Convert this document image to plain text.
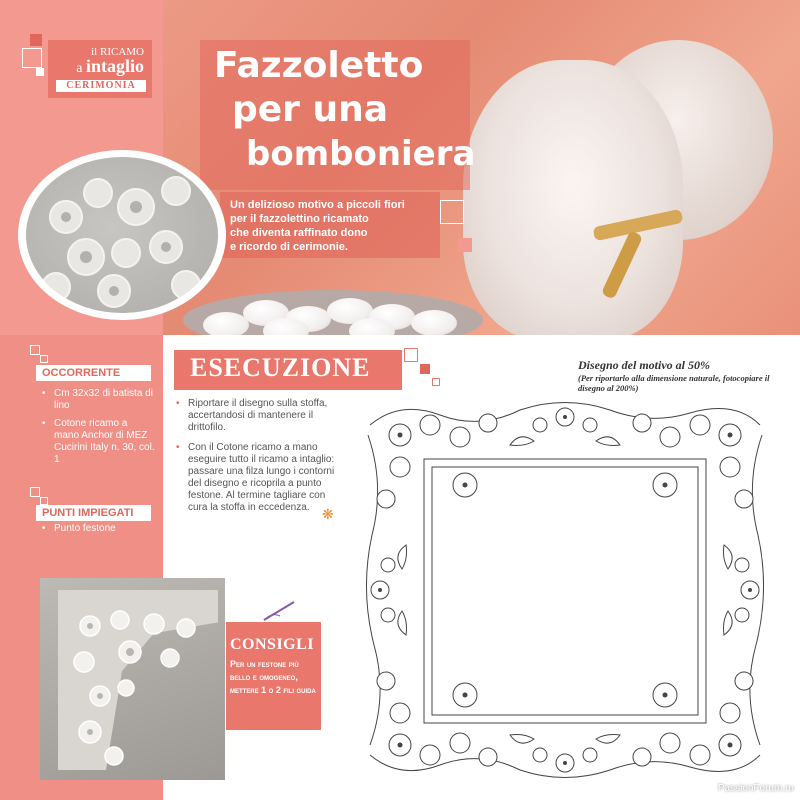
il RICAMO
a intaglio
CERIMONIA Fazzoletto
per una
bomboniera
Un delizioso motivo a piccoli fiori
per il fazzolettino ricamato
che diventa raffinato dono
e ricordo di cerimonie.
OCCORRENTE
• Cm 32x32 di batista di lino
• Cotone ricamo a mano Anchor di MEZ Cucirini Italy n. 30, col. 1
PUNTI IMPIEGATI
• Punto festone
CONSIGLI
Per un festone più bello e omogeneo, mettere 1 o 2 fili guida
ESECUZIONE
• Riportare il disegno sulla stoffa, accertandosi di mantenere il drittofilo.
• Con il Cotone ricamo a mano eseguire tutto il ricamo a intaglio: passare una filza lungo i contorni del disegno e ricoprila a punto festone. Al termine tagliare con cura la stoffa in eccedenza. ❋
Disegno del motivo al 50%
(Per riportarlo alla dimensione naturale, fotocopiare il disegno al 200%)
PassionForum.ru
